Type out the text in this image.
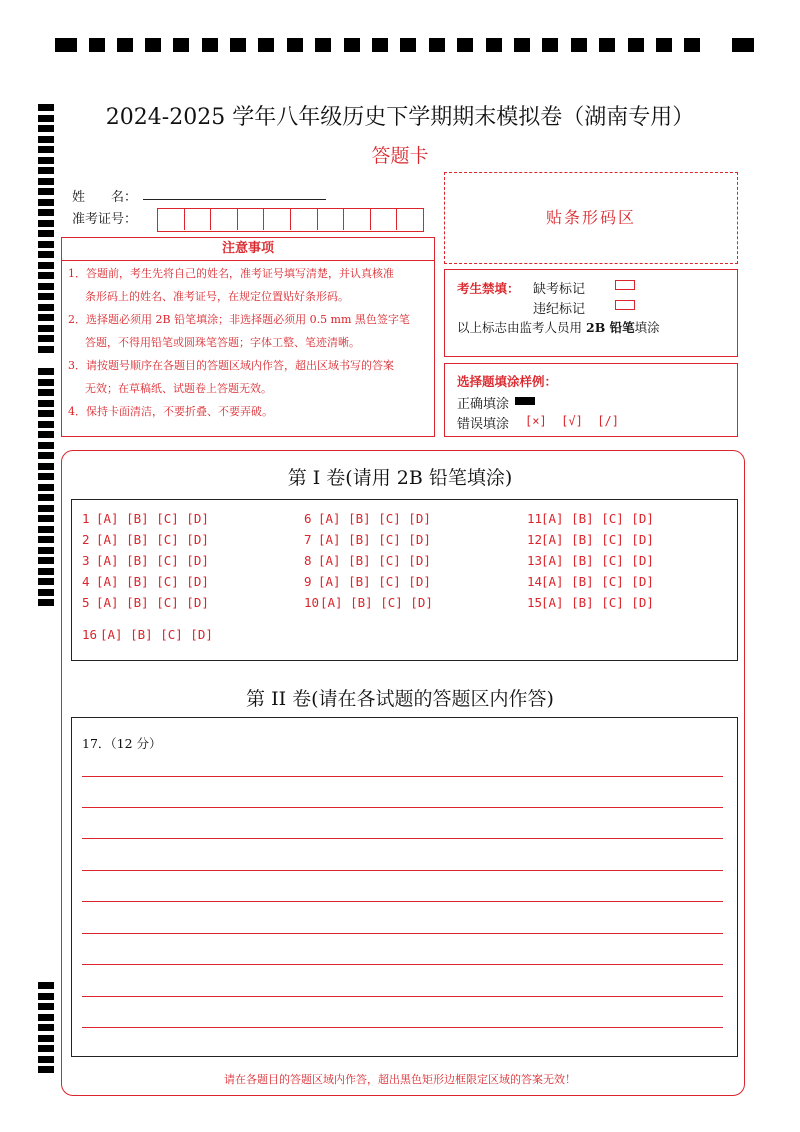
2024-2025 学年八年级历史下学期期末模拟卷（湖南专用）
答题卡
姓　　名：
准考证号：	贴条形码区
注意事项
1．答题前，考生先将自己的姓名，准考证号填写清楚，并认真核准
条形码上的姓名、准考证号，在规定位置贴好条形码。
2．选择题必须用 2B 铅笔填涂；非选择题必须用 0.5 mm 黑色签字笔
答题，不得用铅笔或圆珠笔答题；字体工整、笔迹清晰。
3．请按题号顺序在各题目的答题区域内作答，超出区域书写的答案
无效；在草稿纸、试题卷上答题无效。
4．保持卡面清洁，不要折叠、不要弄破。
考生禁填： 缺考标记
违纪标记
以上标志由监考人员用 2B 铅笔填涂
选择题填涂样例：
正确填涂
错误填涂 [×]  [√]  [/]
第 I 卷(请用 2B 铅笔填涂)
1 [A] [B] [C] [D]
2 [A] [B] [C] [D]
3 [A] [B] [C] [D]
4 [A] [B] [C] [D]
5 [A] [B] [C] [D]
6 [A] [B] [C] [D]
7 [A] [B] [C] [D]
8 [A] [B] [C] [D]
9 [A] [B] [C] [D]
10[A] [B] [C] [D]
11[A] [B] [C] [D]
12[A] [B] [C] [D]
13[A] [B] [C] [D]
14[A] [B] [C] [D]
15[A] [B] [C] [D]
16 [A] [B] [C] [D]
第 II 卷(请在各试题的答题区内作答)
17．（12 分）
请在各题目的答题区域内作答，超出黑色矩形边框限定区域的答案无效！
